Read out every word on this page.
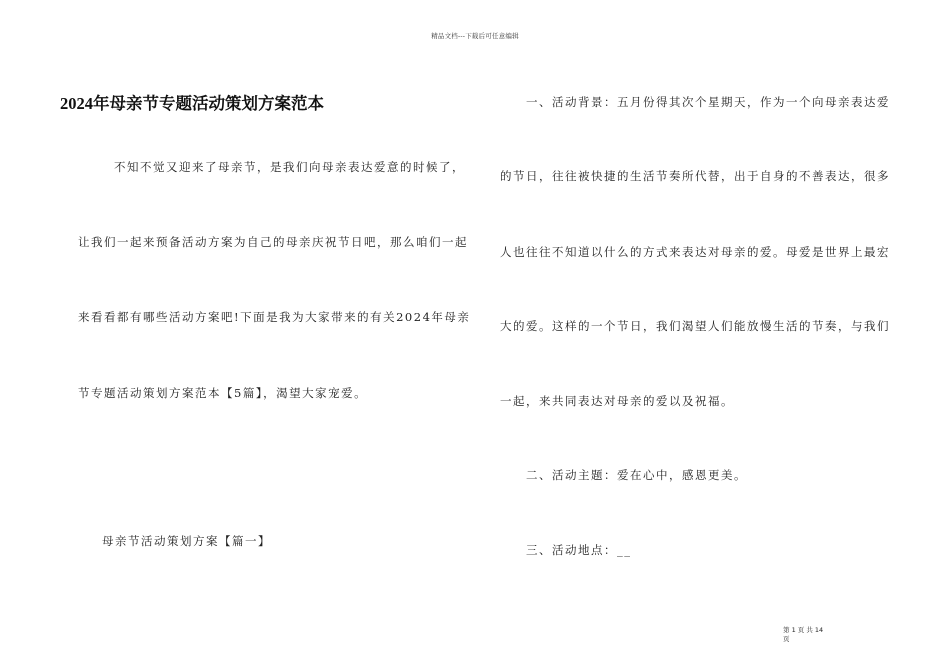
精品文档---下载后可任意编辑
2024年母亲节专题活动策划方案范本
不知不觉又迎来了母亲节，是我们向母亲表达爱意的时候了，
让我们一起来预备活动方案为自己的母亲庆祝节日吧，那么咱们一起
来看看都有哪些活动方案吧!下面是我为大家带来的有关2024年母亲
节专题活动策划方案范本【5篇】，渴望大家宠爱。
母亲节活动策划方案【篇一】
一、活动背景：五月份得其次个星期天，作为一个向母亲表达爱
的节日，往往被快捷的生活节奏所代替，出于自身的不善表达，很多
人也往往不知道以什么的方式来表达对母亲的爱。母爱是世界上最宏
大的爱。这样的一个节日，我们渴望人们能放慢生活的节奏，与我们
一起，来共同表达对母亲的爱以及祝福。
二、活动主题：爱在心中，感恩更美。
三、活动地点：__
第 1 页 共 14
页
